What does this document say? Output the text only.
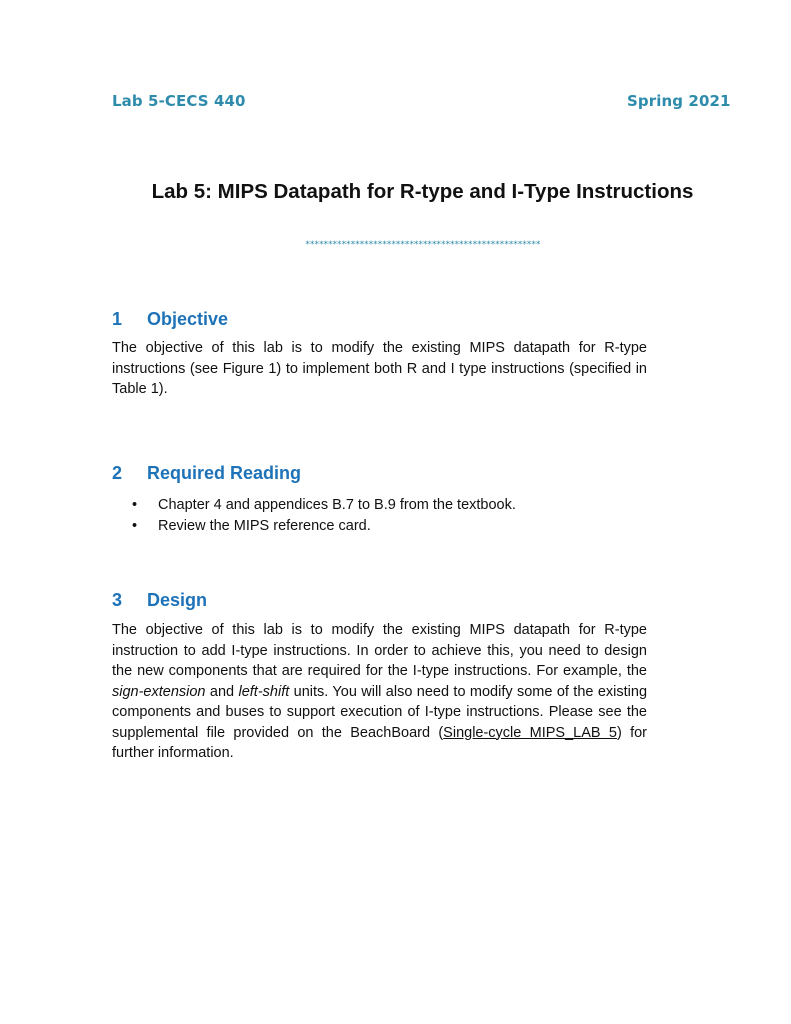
Lab 5-CECS 440	Spring 2021
Lab 5: MIPS Datapath for R-type and I-Type Instructions
****************************************************
1 Objective
The objective of this lab is to modify the existing MIPS datapath for R-type instructions (see Figure 1) to implement both R and I type instructions (specified in Table 1).
2 Required Reading
• Chapter 4 and appendices B.7 to B.9 from the textbook.
• Review the MIPS reference card.
3 Design
The objective of this lab is to modify the existing MIPS datapath for R-type instruction to add I-type instructions. In order to achieve this, you need to design the new components that are required for the I-type instructions. For example, the sign-extension and left-shift units. You will also need to modify some of the existing components and buses to support execution of I-type instructions. Please see the supplemental file provided on the BeachBoard (Single-cycle MIPS_LAB 5) for further information.
